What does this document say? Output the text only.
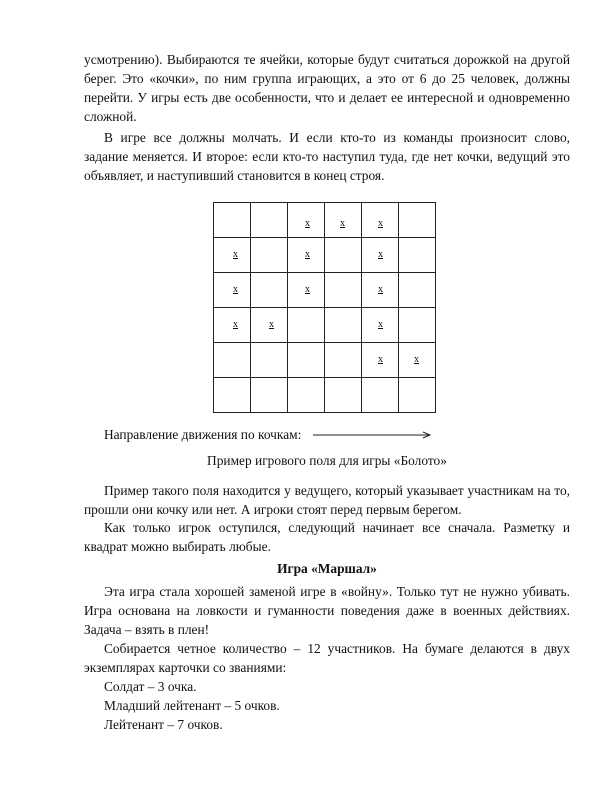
усмотрению). Выбираются те ячейки, которые будут считаться дорожкой на другой берег. Это «кочки», по ним группа играющих, а это от 6 до 25 человек, должны перейти. У игры есть две особенности, что и делает ее интересной и одновременно сложной.

В игре все должны молчать. И если кто-то из команды произносит слово, задание меняется. И второе: если кто-то наступил туда, где нет кочки, ведущий это объявляет, и наступивший становится в конец строя.

		x	x	x	

x		x		x	

x		x		x	

x	x			x	

				x	x

Направление движения по кочкам:

Пример игрового поля для игры «Болото»

Пример такого поля находится у ведущего, который указывает участникам на то, прошли они кочку или нет. А игроки стоят перед первым берегом.

Как только игрок оступился, следующий начинает все сначала. Разметку и квадрат можно выбирать любые.

Игра «Маршал»

Эта игра стала хорошей заменой игре в «войну». Только тут не нужно убивать. Игра основана на ловкости и гуманности поведения даже в военных действиях. Задача – взять в плен!

Собирается четное количество – 12 участников. На бумаге делаются в двух экземплярах карточки со званиями:

Солдат – 3 очка.

Младший лейтенант – 5 очков.

Лейтенант – 7 очков.
